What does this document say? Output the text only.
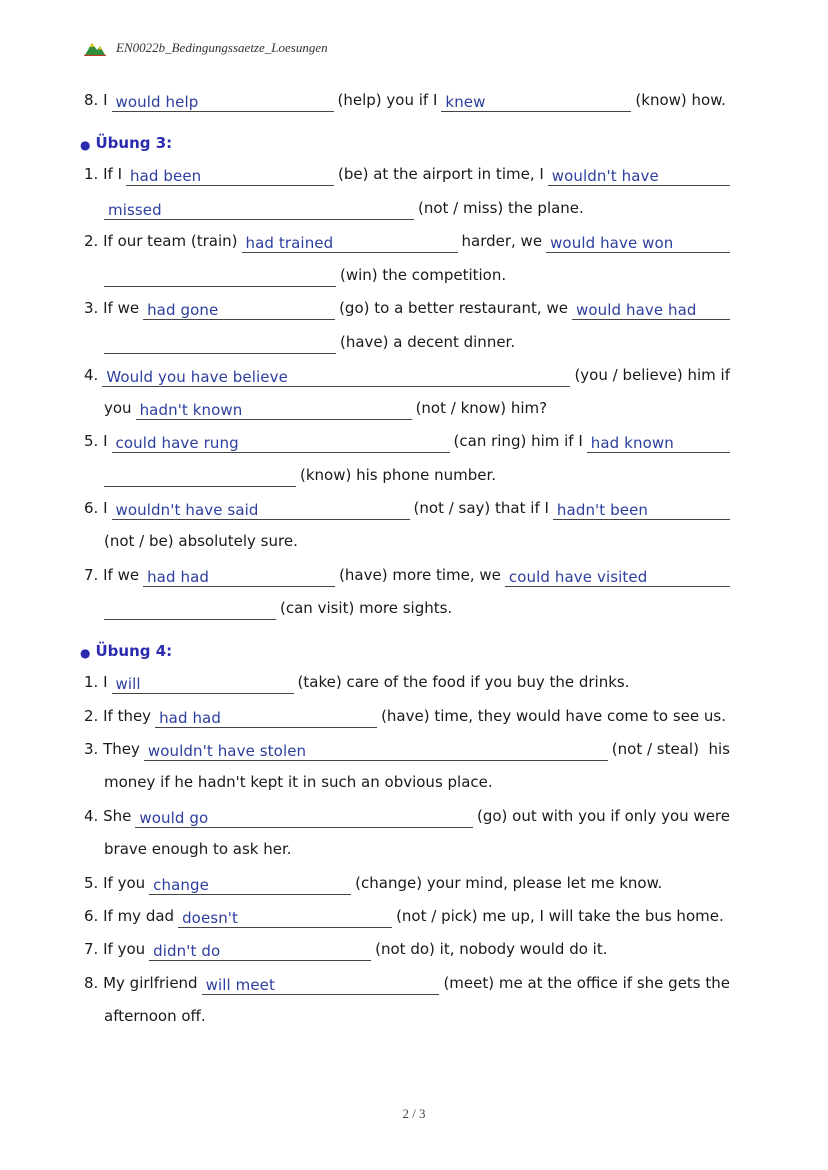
EN0022b_Bedingungssaetze_Loesungen
8.
I would help	(help) you if I knew	(know) how.
● Übung 3:
1.
If I had been	(be) at the airport in time, I wouldn't have
missed	(not / miss) the plane.
2.
If our team (train) had trained	harder, we would have won
(win) the competition.
3.
If we had gone	(go) to a better restaurant, we would have had
(have) a decent dinner.
4. Would you have believe	(you / believe) him if
you hadn't known	(not / know) him?
5.
I could have rung	(can ring) him if I had known
(know) his phone number.
6.
I wouldn't have said	(not / say) that if I hadn't been
(not / be) absolutely sure.
7.
If we had had	(have) more time, we could have visited
(can visit) more sights.
● Übung 4:
1.
I will	(take) care of the food if you buy the drinks.
2.
If they had had	(have) time, they would have come to see us.
3.
They wouldn't have stolen	(not / steal)
his
money if he hadn't kept it in such an obvious place.
4.
She would go	(go) out with you if only you were
brave enough to ask her.
5.
If you change	(change) your mind, please let me know.
6.
If my dad doesn't	(not / pick) me up, I will take the bus home.
7.
If you didn't do	(not do) it, nobody would do it.
8.
My girlfriend will meet	(meet) me at the office if she gets the
afternoon off.
2 / 3
